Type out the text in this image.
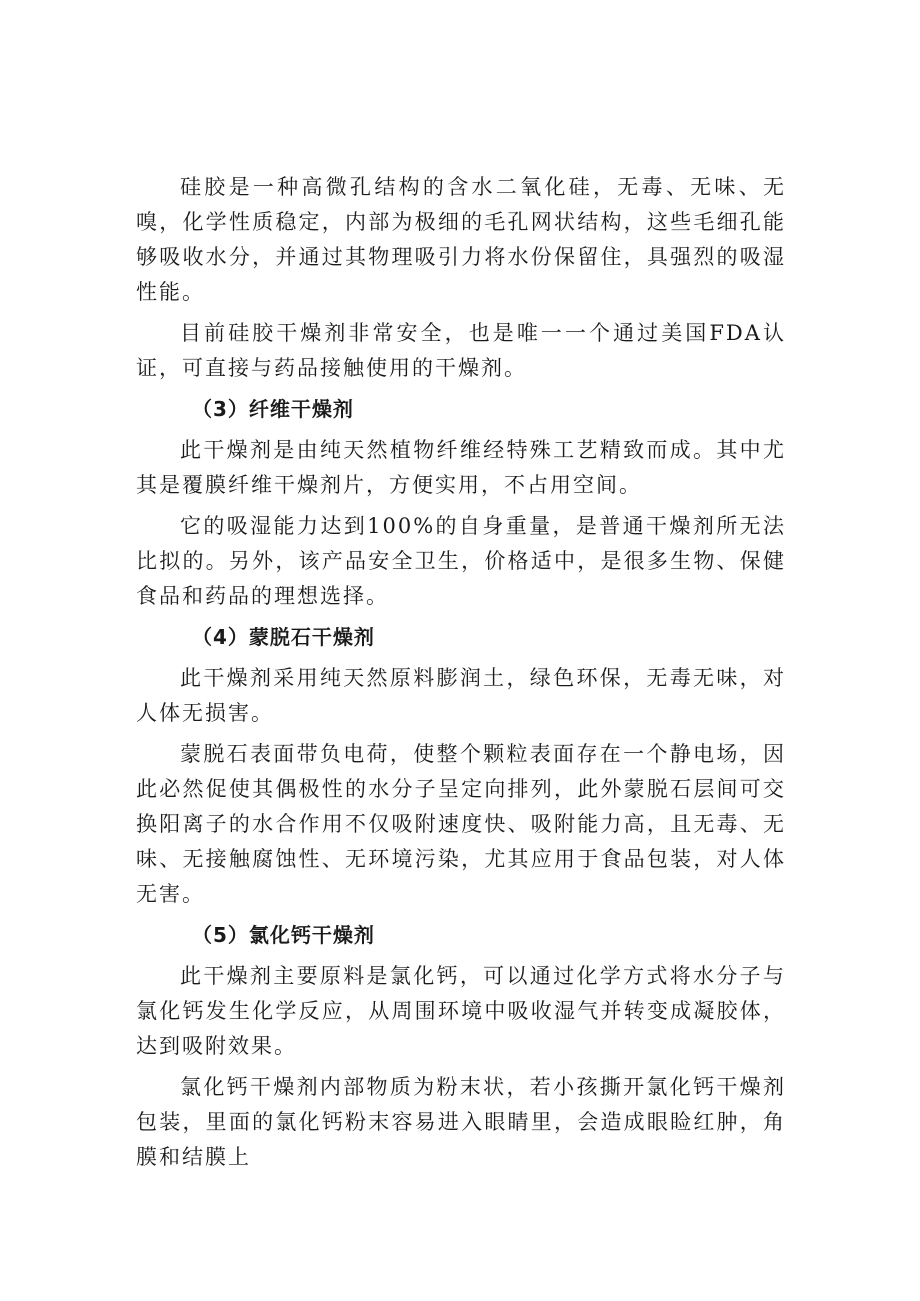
硅胶是一种高微孔结构的含水二氧化硅，无毒、无味、无嗅，化学性质稳定，内部为极细的毛孔网状结构，这些毛细孔能够吸收水分，并通过其物理吸引力将水份保留住，具强烈的吸湿性能。

目前硅胶干燥剂非常安全，也是唯一一个通过美国FDA认证，可直接与药品接触使用的干燥剂。

（3）纤维干燥剂

此干燥剂是由纯天然植物纤维经特殊工艺精致而成。其中尤其是覆膜纤维干燥剂片，方便实用，不占用空间。

它的吸湿能力达到100%的自身重量，是普通干燥剂所无法比拟的。另外，该产品安全卫生，价格适中，是很多生物、保健食品和药品的理想选择。

（4）蒙脱石干燥剂

此干燥剂采用纯天然原料膨润土，绿色环保，无毒无味，对人体无损害。

蒙脱石表面带负电荷，使整个颗粒表面存在一个静电场，因此必然促使其偶极性的水分子呈定向排列，此外蒙脱石层间可交换阳离子的水合作用不仅吸附速度快、吸附能力高，且无毒、无味、无接触腐蚀性、无环境污染，尤其应用于食品包装，对人体无害。

（5）氯化钙干燥剂

此干燥剂主要原料是氯化钙，可以通过化学方式将水分子与氯化钙发生化学反应，从周围环境中吸收湿气并转变成凝胶体，达到吸附效果。

氯化钙干燥剂内部物质为粉末状，若小孩撕开氯化钙干燥剂包装，里面的氯化钙粉末容易进入眼睛里，会造成眼睑红肿，角膜和结膜上
